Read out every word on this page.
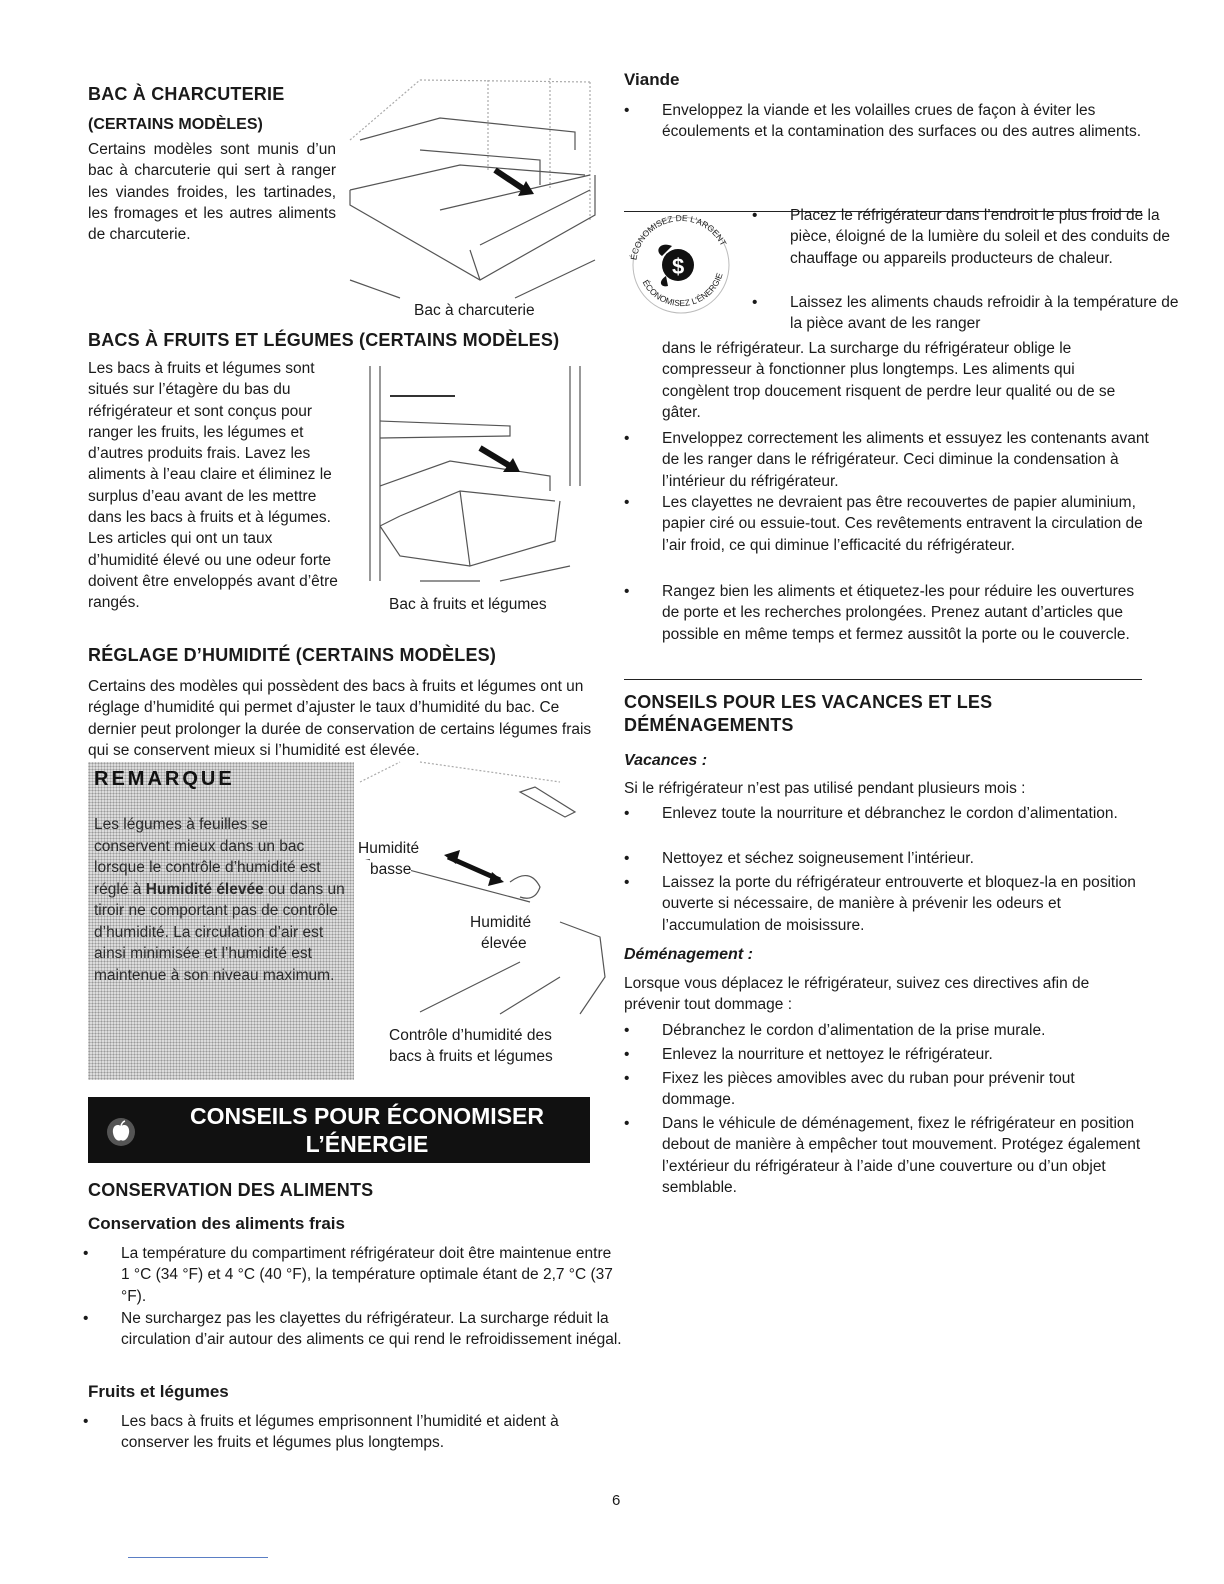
BAC À CHARCUTERIE
(CERTAINS MODÈLES)

Certains modèles sont munis d’un bac à charcuterie qui sert à ranger les viandes froides, les tartinades, les fromages et les autres aliments de charcuterie.

Bac à charcuterie
BACS À FRUITS ET LÉGUMES (CERTAINS MODÈLES)

Les bacs à fruits et légumes sont situés sur l’étagère du bas du réfrigérateur et sont conçus pour ranger les fruits, les légumes et d’autres produits frais. Lavez les aliments à l’eau claire et éliminez le surplus d’eau avant de les mettre dans les bacs à fruits et à légumes. Les articles qui ont un taux d’humidité élevé ou une odeur forte doivent être enveloppés avant d’être rangés.	Bac à fruits et légumes
RÉGLAGE D’HUMIDITÉ (CERTAINS MODÈLES)

Certains des modèles qui possèdent des bacs à fruits et légumes ont un réglage d’humidité qui permet d’ajuster le taux d’humidité du bac. Ce dernier peut prolonger la durée de conservation de certains légumes frais qui se conservent mieux si l’humidité est élevée.

REMARQUE
Les légumes à feuilles se conservent mieux dans un bac lorsque le contrôle d’humidité est réglé à Humidité élevée ou dans un tiroir ne comportant pas de contrôle d’humidité. La circulation d’air est ainsi minimisée et l’humidité est maintenue à son niveau maximum.
Humidité
basse
Humidité
élevée
Contrôle d’humidité des
bacs à fruits et légumes
CONSEILS POUR ÉCONOMISER
L’ÉNERGIE
CONSERVATION DES ALIMENTS
Conservation des aliments frais

• La température du compartiment réfrigérateur doit être maintenue entre 1 °C (34 °F) et 4 °C (40 °F), la température optimale étant de 2,7 °C (37 °F).

• Ne surchargez pas les clayettes du réfrigérateur. La surcharge réduit la circulation d’air autour des aliments ce qui rend le refroidissement inégal.

Fruits et légumes

• Les bacs à fruits et légumes emprisonnent l’humidité et aident à conserver les fruits et légumes plus longtemps.

Viande

• Enveloppez la viande et les volailles crues de façon à éviter les écoulements et la contamination des surfaces ou des autres aliments.

ÉCONOMISEZ DE L’ARGENT
ÉCONOMISEZ L’ÉNERGIE
$

• Placez le réfrigérateur dans l’endroit le plus froid de la pièce, éloigné de la lumière du soleil et des conduits de chauffage ou appareils producteurs de chaleur.

• Laissez les aliments chauds refroidir à la température de la pièce avant de les ranger

dans le réfrigérateur. La surcharge du réfrigérateur oblige le compresseur à fonctionner plus longtemps. Les aliments qui congèlent trop doucement risquent de perdre leur qualité ou de se gâter.

• Enveloppez correctement les aliments et essuyez les contenants avant de les ranger dans le réfrigérateur. Ceci diminue la condensation à l’intérieur du réfrigérateur.

• Les clayettes ne devraient pas être recouvertes de papier aluminium, papier ciré ou essuie-tout. Ces revêtements entravent la circulation de l’air froid, ce qui diminue l’efficacité du réfrigérateur.

• Rangez bien les aliments et étiquetez-les pour réduire les ouvertures de porte et les recherches prolongées. Prenez autant d’articles que possible en même temps et fermez aussitôt la porte ou le couvercle.

CONSEILS POUR LES VACANCES ET LES
DÉMÉNAGEMENTS
Vacances :

Si le réfrigérateur n’est pas utilisé pendant plusieurs mois :

• Enlevez toute la nourriture et débranchez le cordon d’alimentation.

• Nettoyez et séchez soigneusement l’intérieur.

• Laissez la porte du réfrigérateur entrouverte et bloquez-la en position ouverte si nécessaire, de manière à prévenir les odeurs et l’accumulation de moisissure.

Déménagement :

Lorsque vous déplacez le réfrigérateur, suivez ces directives afin de prévenir tout dommage :

• Débranchez le cordon d’alimentation de la prise murale.

• Enlevez la nourriture et nettoyez le réfrigérateur.

• Fixez les pièces amovibles avec du ruban pour prévenir tout dommage.

• Dans le véhicule de déménagement, fixez le réfrigérateur en position debout de manière à empêcher tout mouvement. Protégez également l’extérieur du réfrigérateur à l’aide d’une couverture ou d’un objet semblable.

6
